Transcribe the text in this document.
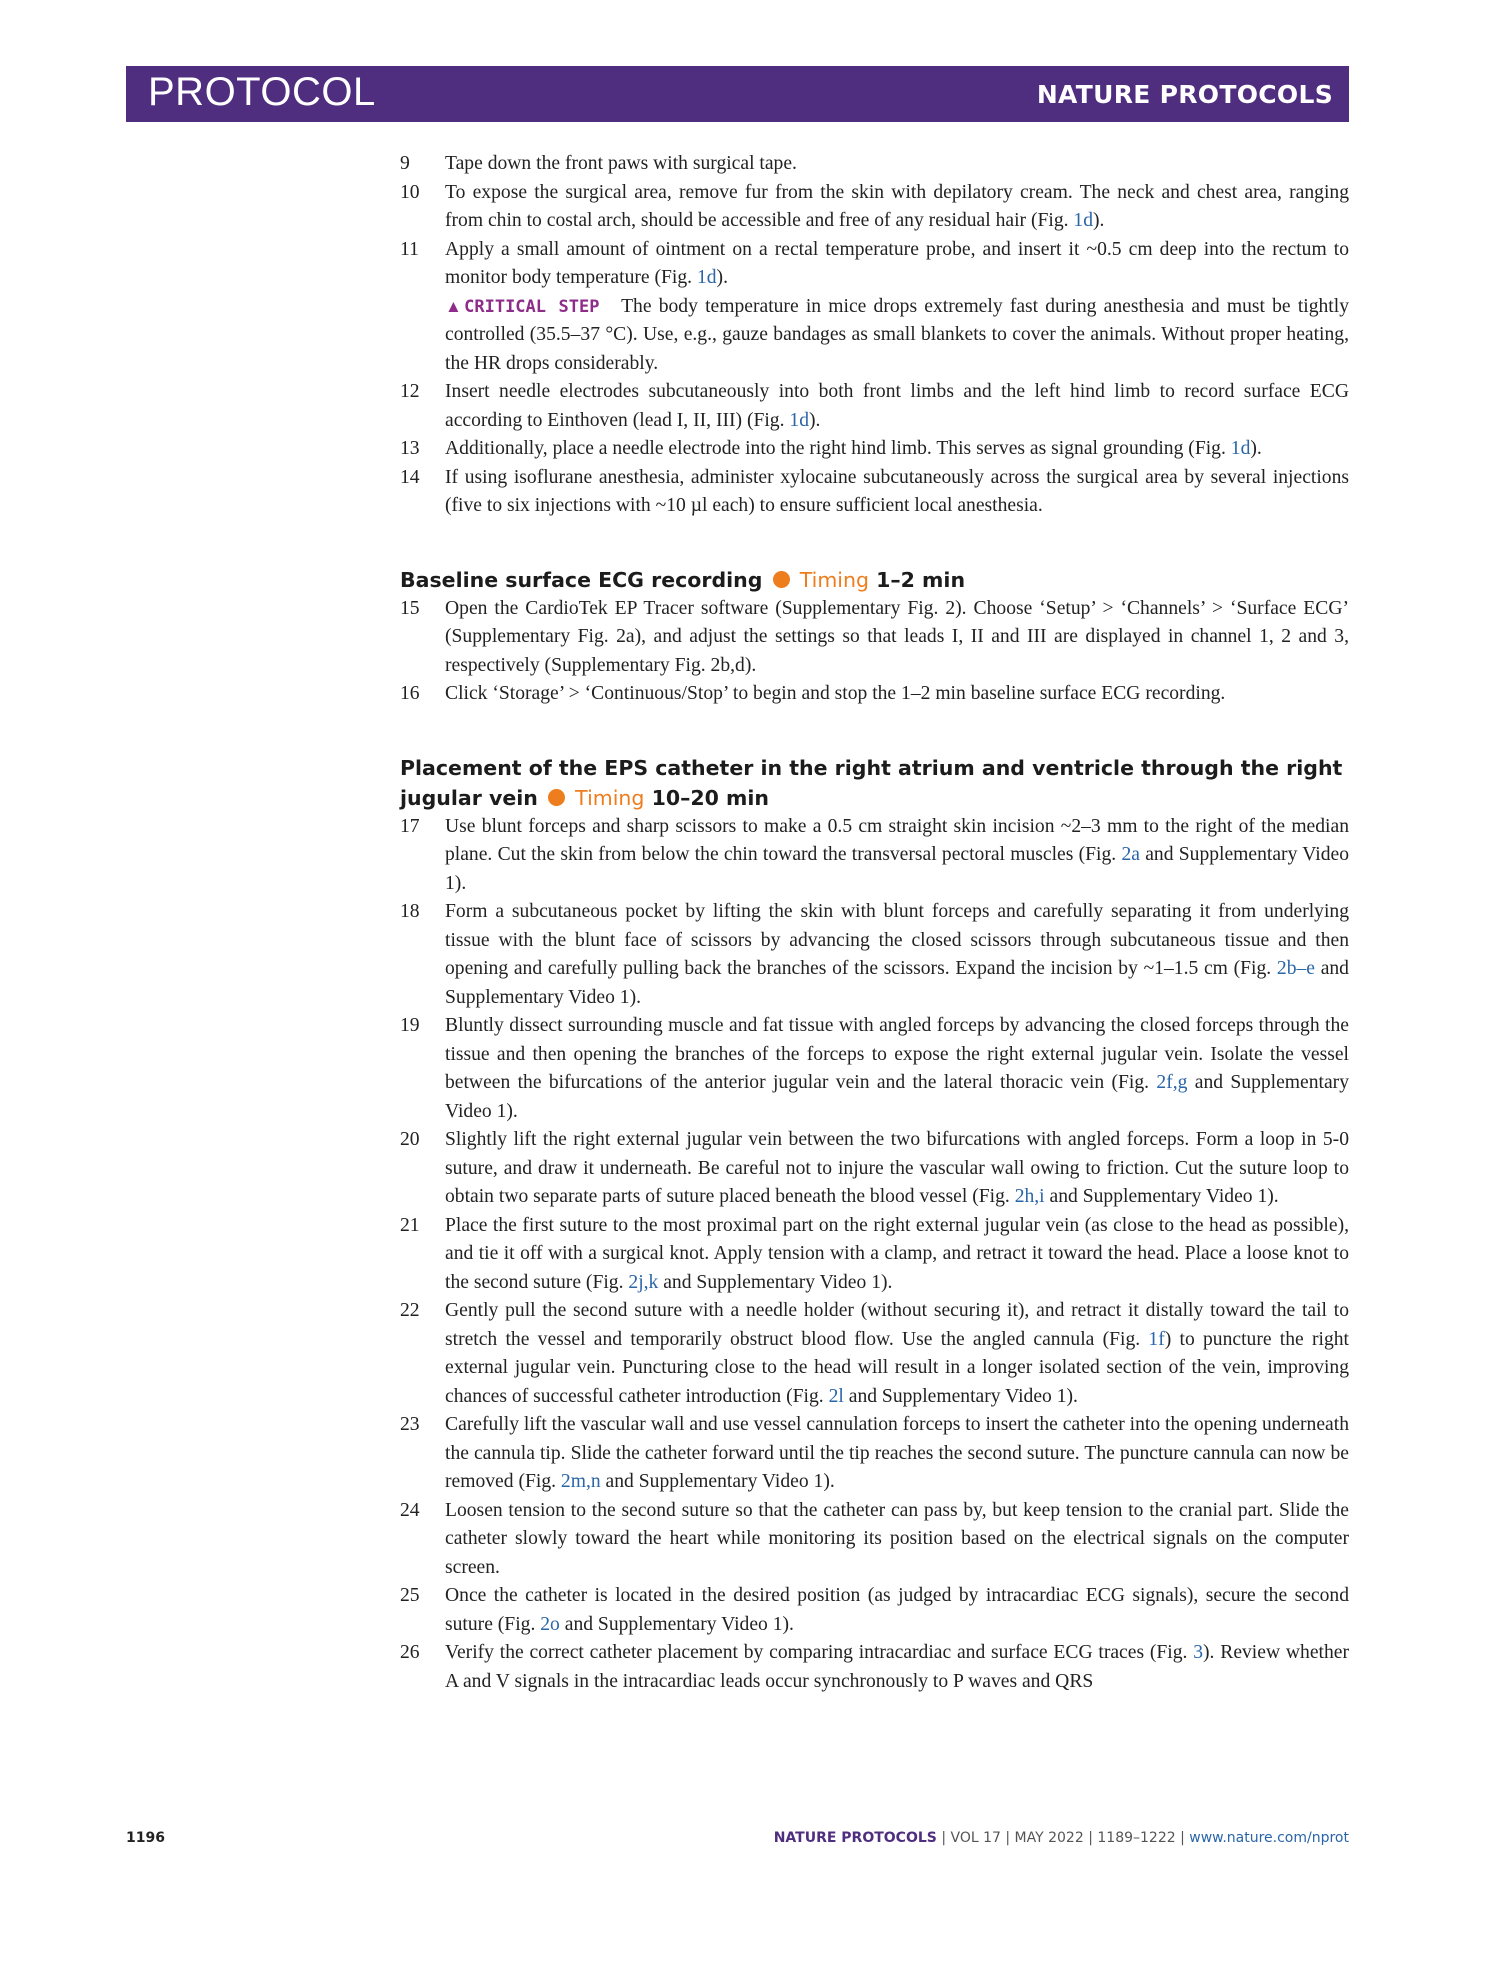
PROTOCOL	NATURE PROTOCOLS

9 Tape down the front paws with surgical tape.

10 To expose the surgical area, remove fur from the skin with depilatory cream. The neck and chest area, ranging from chin to costal arch, should be accessible and free of any residual hair (Fig. 1d).

11 Apply a small amount of ointment on a rectal temperature probe, and insert it ~0.5 cm deep into the rectum to monitor body temperature (Fig. 1d).
▲CRITICAL STEP The body temperature in mice drops extremely fast during anesthesia and must be tightly controlled (35.5–37 °C). Use, e.g., gauze bandages as small blankets to cover the animals. Without proper heating, the HR drops considerably.

12 Insert needle electrodes subcutaneously into both front limbs and the left hind limb to record surface ECG according to Einthoven (lead I, II, III) (Fig. 1d).

13 Additionally, place a needle electrode into the right hind limb. This serves as signal grounding (Fig. 1d).

14 If using isoflurane anesthesia, administer xylocaine subcutaneously across the surgical area by several injections (five to six injections with ~10 µl each) to ensure sufficient local anesthesia.

Baseline surface ECG recording Timing 1–2 min

15 Open the CardioTek EP Tracer software (Supplementary Fig. 2). Choose ‘Setup’ > ‘Channels’ > ‘Surface ECG’ (Supplementary Fig. 2a), and adjust the settings so that leads I, II and III are displayed in channel 1, 2 and 3, respectively (Supplementary Fig. 2b,d).

16 Click ‘Storage’ > ‘Continuous/Stop’ to begin and stop the 1–2 min baseline surface ECG recording.

Placement of the EPS catheter in the right atrium and ventricle through the right jugular vein Timing 10–20 min

17 Use blunt forceps and sharp scissors to make a 0.5 cm straight skin incision ~2–3 mm to the right of the median plane. Cut the skin from below the chin toward the transversal pectoral muscles (Fig. 2a and Supplementary Video 1).

18 Form a subcutaneous pocket by lifting the skin with blunt forceps and carefully separating it from underlying tissue with the blunt face of scissors by advancing the closed scissors through subcutaneous tissue and then opening and carefully pulling back the branches of the scissors. Expand the incision by ~1–1.5 cm (Fig. 2b–e and Supplementary Video 1).

19 Bluntly dissect surrounding muscle and fat tissue with angled forceps by advancing the closed forceps through the tissue and then opening the branches of the forceps to expose the right external jugular vein. Isolate the vessel between the bifurcations of the anterior jugular vein and the lateral thoracic vein (Fig. 2f,g and Supplementary Video 1).

20 Slightly lift the right external jugular vein between the two bifurcations with angled forceps. Form a loop in 5-0 suture, and draw it underneath. Be careful not to injure the vascular wall owing to friction. Cut the suture loop to obtain two separate parts of suture placed beneath the blood vessel (Fig. 2h,i and Supplementary Video 1).

21 Place the first suture to the most proximal part on the right external jugular vein (as close to the head as possible), and tie it off with a surgical knot. Apply tension with a clamp, and retract it toward the head. Place a loose knot to the second suture (Fig. 2j,k and Supplementary Video 1).

22 Gently pull the second suture with a needle holder (without securing it), and retract it distally toward the tail to stretch the vessel and temporarily obstruct blood flow. Use the angled cannula (Fig. 1f) to puncture the right external jugular vein. Puncturing close to the head will result in a longer isolated section of the vein, improving chances of successful catheter introduction (Fig. 2l and Supplementary Video 1).

23 Carefully lift the vascular wall and use vessel cannulation forceps to insert the catheter into the opening underneath the cannula tip. Slide the catheter forward until the tip reaches the second suture. The puncture cannula can now be removed (Fig. 2m,n and Supplementary Video 1).

24 Loosen tension to the second suture so that the catheter can pass by, but keep tension to the cranial part. Slide the catheter slowly toward the heart while monitoring its position based on the electrical signals on the computer screen.

25 Once the catheter is located in the desired position (as judged by intracardiac ECG signals), secure the second suture (Fig. 2o and Supplementary Video 1).

26 Verify the correct catheter placement by comparing intracardiac and surface ECG traces (Fig. 3). Review whether A and V signals in the intracardiac leads occur synchronously to P waves and QRS

1196	NATURE PROTOCOLS | VOL 17 | MAY 2022 | 1189–1222 | www.nature.com/nprot
